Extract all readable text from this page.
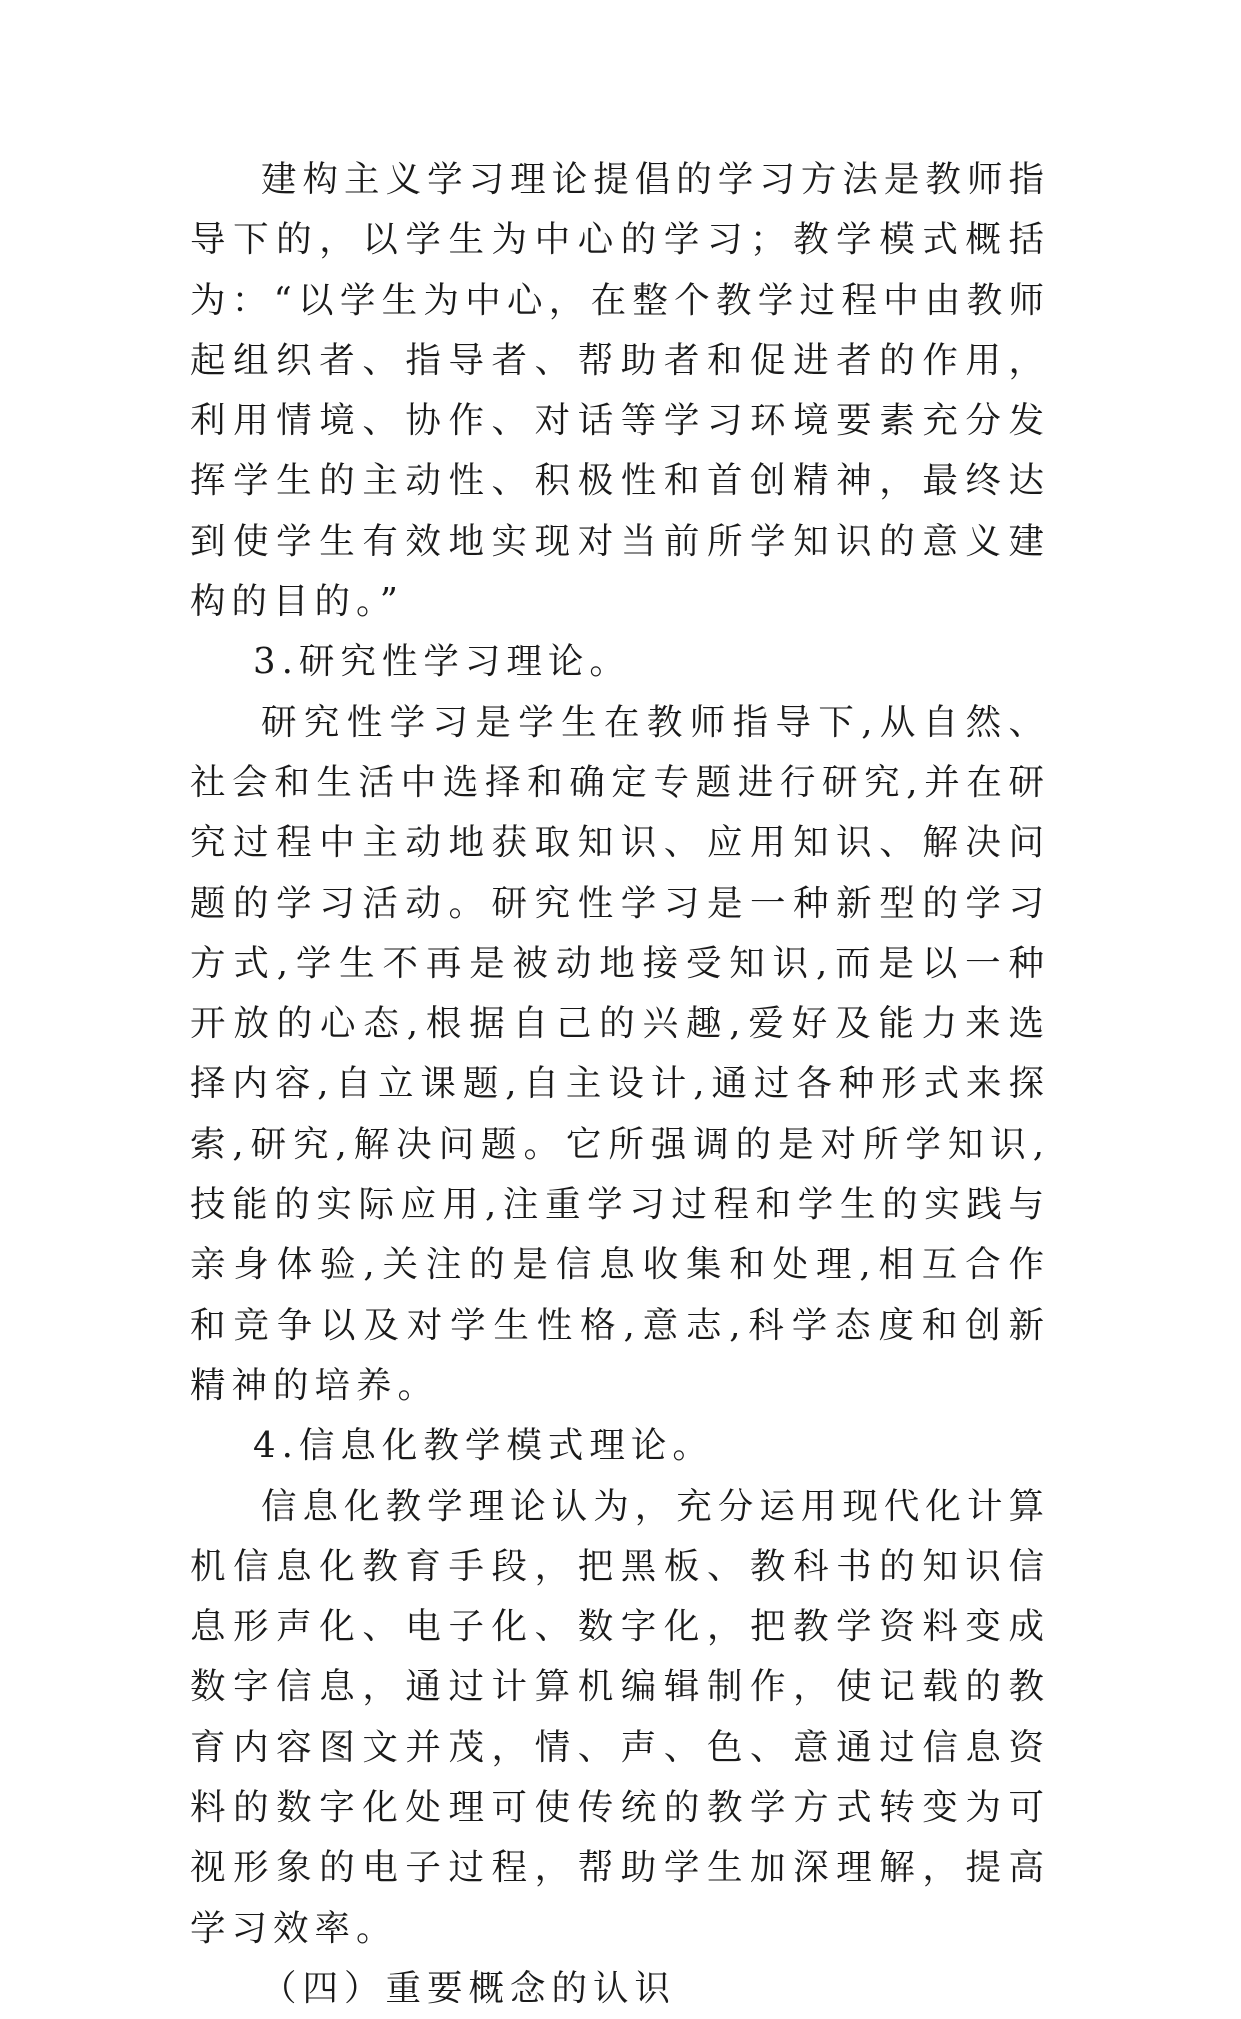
建构主义学习理论提倡的学习方法是教师指导下的，以学生为中心的学习；教学模式概括为：“以学生为中心，在整个教学过程中由教师起组织者、指导者、帮助者和促进者的作用，利用情境、协作、对话等学习环境要素充分发挥学生的主动性、积极性和首创精神，最终达到使学生有效地实现对当前所学知识的意义建构的目的。”

3.研究性学习理论。

研究性学习是学生在教师指导下,从自然、社会和生活中选择和确定专题进行研究,并在研究过程中主动地获取知识、应用知识、解决问题的学习活动。研究性学习是一种新型的学习方式,学生不再是被动地接受知识,而是以一种开放的心态,根据自己的兴趣,爱好及能力来选择内容,自立课题,自主设计,通过各种形式来探索,研究,解决问题。它所强调的是对所学知识,技能的实际应用,注重学习过程和学生的实践与亲身体验,关注的是信息收集和处理,相互合作和竞争以及对学生性格,意志,科学态度和创新精神的培养。

4.信息化教学模式理论。

信息化教学理论认为，充分运用现代化计算机信息化教育手段，把黑板、教科书的知识信息形声化、电子化、数字化，把教学资料变成数字信息，通过计算机编辑制作，使记载的教育内容图文并茂，情、声、色、意通过信息资料的数字化处理可使传统的教学方式转变为可视形象的电子过程，帮助学生加深理解，提高学习效率。

（四）重要概念的认识
